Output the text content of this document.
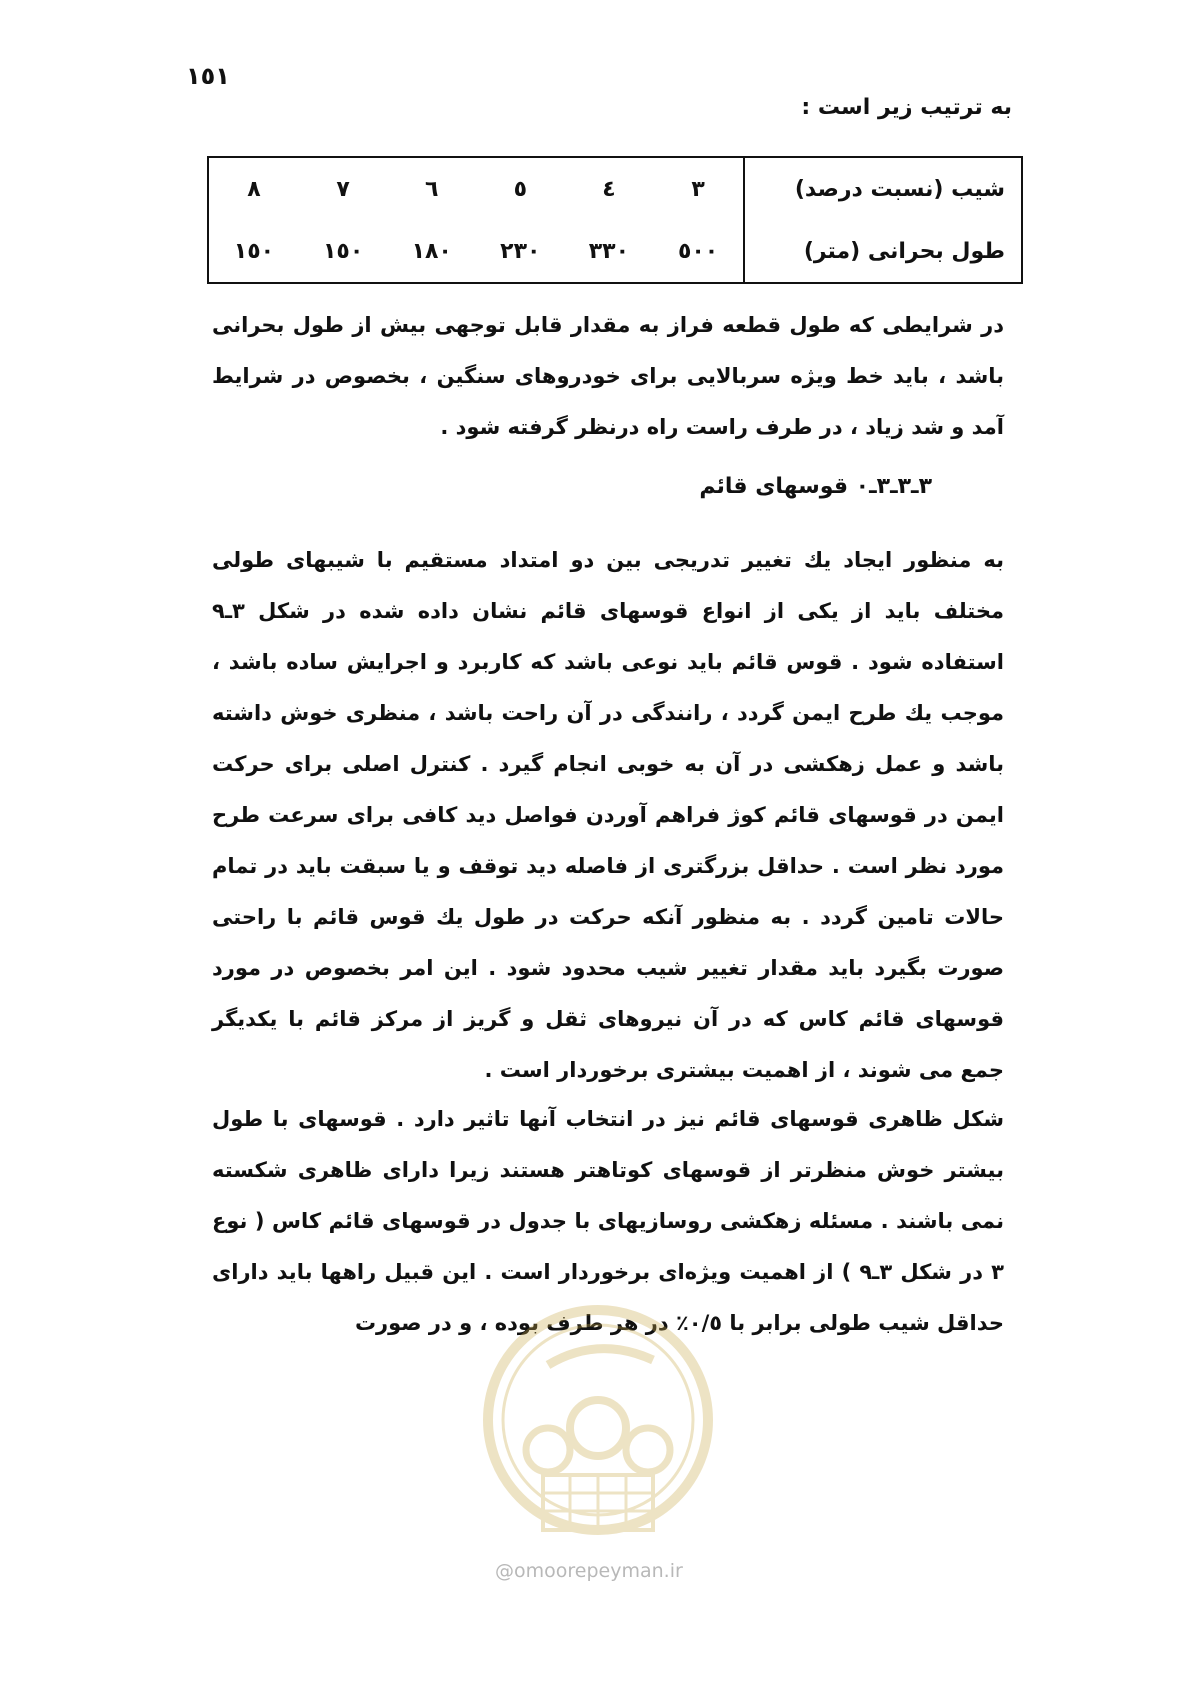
١٥١
به ترتیب زیر است :
شیب (نسبت درصد)	٣	٤	٥	٦	٧	٨
طول بحرانی (متر)	٥٠٠	٣٣٠	٢٣٠	١٨٠	١٥٠	١٥٠

در شرایطی که طول قطعه فراز به مقدار قابل توجهی بیش از طول بحرانی باشد ، باید خط ویژه سربالایی برای خودروهای سنگین ، بخصوص در شرایط آمد و شد زیاد ، در طرف راست راه درنظر گرفته شود .

٣ـ٣ـ٣ـ٠ قوسهای قائم

به منظور ایجاد یك تغییر تدریجی بین دو امتداد مستقیم با شیبهای طولی مختلف باید از یکی از انواع قوسهای قائم نشان داده شده در شکل ٣ـ٩ استفاده شود . قوس قائم باید نوعی باشد که کاربرد و اجرایش ساده باشد ، موجب یك طرح ایمن گردد ، رانندگی در آن راحت باشد ، منظری خوش داشته باشد و عمل زهکشی در آن به خوبی انجام گیرد . کنترل اصلی برای حرکت ایمن در قوسهای قائم کوژ فراهم آوردن فواصل دید کافی برای سرعت طرح مورد نظر است . حداقل بزرگتری از فاصله دید توقف و یا سبقت باید در تمام حالات تامین گردد . به منظور آنکه حرکت در طول یك قوس قائم با راحتی صورت بگیرد باید مقدار تغییر شیب محدود شود . این امر بخصوص در مورد قوسهای قائم کاس که در آن نیروهای ثقل و گریز از مرکز قائم با یکدیگر جمع می شوند ، از اهمیت بیشتری برخوردار است .

شکل ظاهری قوسهای قائم نیز در انتخاب آنها تاثیر دارد . قوسهای با طول بیشتر خوش منظرتر از قوسهای کوتاهتر هستند زیرا دارای ظاهری شکسته نمی باشند . مسئله زهکشی روسازیهای با جدول در قوسهای قائم کاس ( نوع ٣ در شکل ٣ـ٩ ) از اهمیت ویژه‌ای برخوردار است . این قبیل راهها باید دارای حداقل شیب طولی برابر با ٠/٥٪ در هر طرف بوده ، و در صورت

@omoorepeyman.ir
